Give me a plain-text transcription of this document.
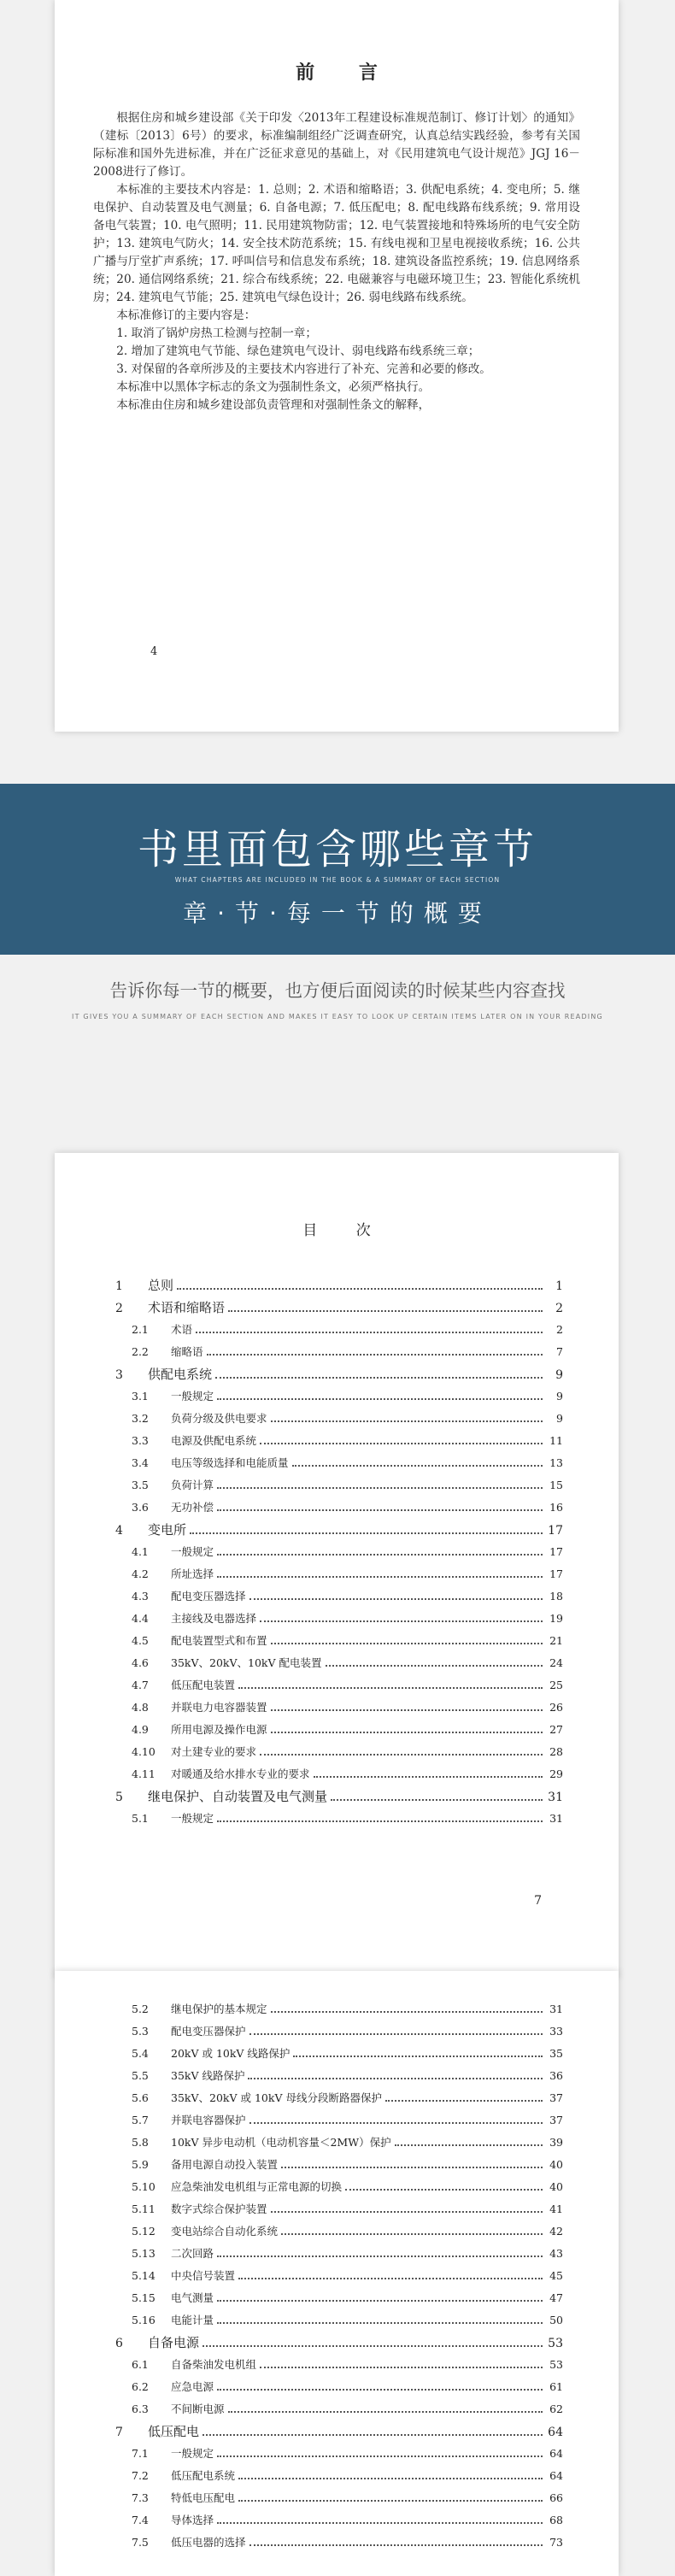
前 言

根据住房和城乡建设部《关于印发〈2013年工程建设标准规范制订、修订计划〉的通知》（建标〔2013〕6号）的要求，标准编制组经广泛调查研究，认真总结实践经验，参考有关国际标准和国外先进标准，并在广泛征求意见的基础上，对《民用建筑电气设计规范》JGJ 16－2008进行了修订。

本标准的主要技术内容是：1. 总则；2. 术语和缩略语；3. 供配电系统；4. 变电所；5. 继电保护、自动装置及电气测量；6. 自备电源；7. 低压配电；8. 配电线路布线系统；9. 常用设备电气装置；10. 电气照明；11. 民用建筑物防雷；12. 电气装置接地和特殊场所的电气安全防护；13. 建筑电气防火；14. 安全技术防范系统；15. 有线电视和卫星电视接收系统；16. 公共广播与厅堂扩声系统；17. 呼叫信号和信息发布系统；18. 建筑设备监控系统；19. 信息网络系统；20. 通信网络系统；21. 综合布线系统；22. 电磁兼容与电磁环境卫生；23. 智能化系统机房；24. 建筑电气节能；25. 建筑电气绿色设计；26. 弱电线路布线系统。

本标准修订的主要内容是：

1. 取消了锅炉房热工检测与控制一章；

2. 增加了建筑电气节能、绿色建筑电气设计、弱电线路布线系统三章；

3. 对保留的各章所涉及的主要技术内容进行了补充、完善和必要的修改。

本标准中以黑体字标志的条文为强制性条文，必须严格执行。

本标准由住房和城乡建设部负责管理和对强制性条文的解释，

4
书里面包含哪些章节
WHAT CHAPTERS ARE INCLUDED IN THE BOOK & A SUMMARY OF EACH SECTION
章·节·每一节的概要
告诉你每一节的概要，也方便后面阅读的时候某些内容查找
IT GIVES YOU A SUMMARY OF EACH SECTION AND MAKES IT EASY TO LOOK UP CERTAIN ITEMS LATER ON IN YOUR READING
目 次
1	总则	1
2	术语和缩略语	2
2.1	术语	2
2.2	缩略语	7
3	供配电系统	9
3.1	一般规定	9
3.2	负荷分级及供电要求	9
3.3	电源及供配电系统	11
3.4	电压等级选择和电能质量	13
3.5	负荷计算	15
3.6	无功补偿	16
4	变电所	17
4.1	一般规定	17
4.2	所址选择	17
4.3	配电变压器选择	18
4.4	主接线及电器选择	19
4.5	配电装置型式和布置	21
4.6	35kV、20kV、10kV 配电装置	24
4.7	低压配电装置	25
4.8	并联电力电容器装置	26
4.9	所用电源及操作电源	27
4.10	对土建专业的要求	28
4.11	对暖通及给水排水专业的要求	29
5	继电保护、自动装置及电气测量	31
5.1	一般规定	31
7
5.2	继电保护的基本规定	31
5.3	配电变压器保护	33
5.4	20kV 或 10kV 线路保护	35
5.5	35kV 线路保护	36
5.6	35kV、20kV 或 10kV 母线分段断路器保护	37
5.7	并联电容器保护	37
5.8	10kV 异步电动机（电动机容量＜2MW）保护	39
5.9	备用电源自动投入装置	40
5.10	应急柴油发电机组与正常电源的切换	40
5.11	数字式综合保护装置	41
5.12	变电站综合自动化系统	42
5.13	二次回路	43
5.14	中央信号装置	45
5.15	电气测量	47
5.16	电能计量	50
6	自备电源	53
6.1	自备柴油发电机组	53
6.2	应急电源	61
6.3	不间断电源	62
7	低压配电	64
7.1	一般规定	64
7.2	低压配电系统	64
7.3	特低电压配电	66
7.4	导体选择	68
7.5	低压电器的选择	73
